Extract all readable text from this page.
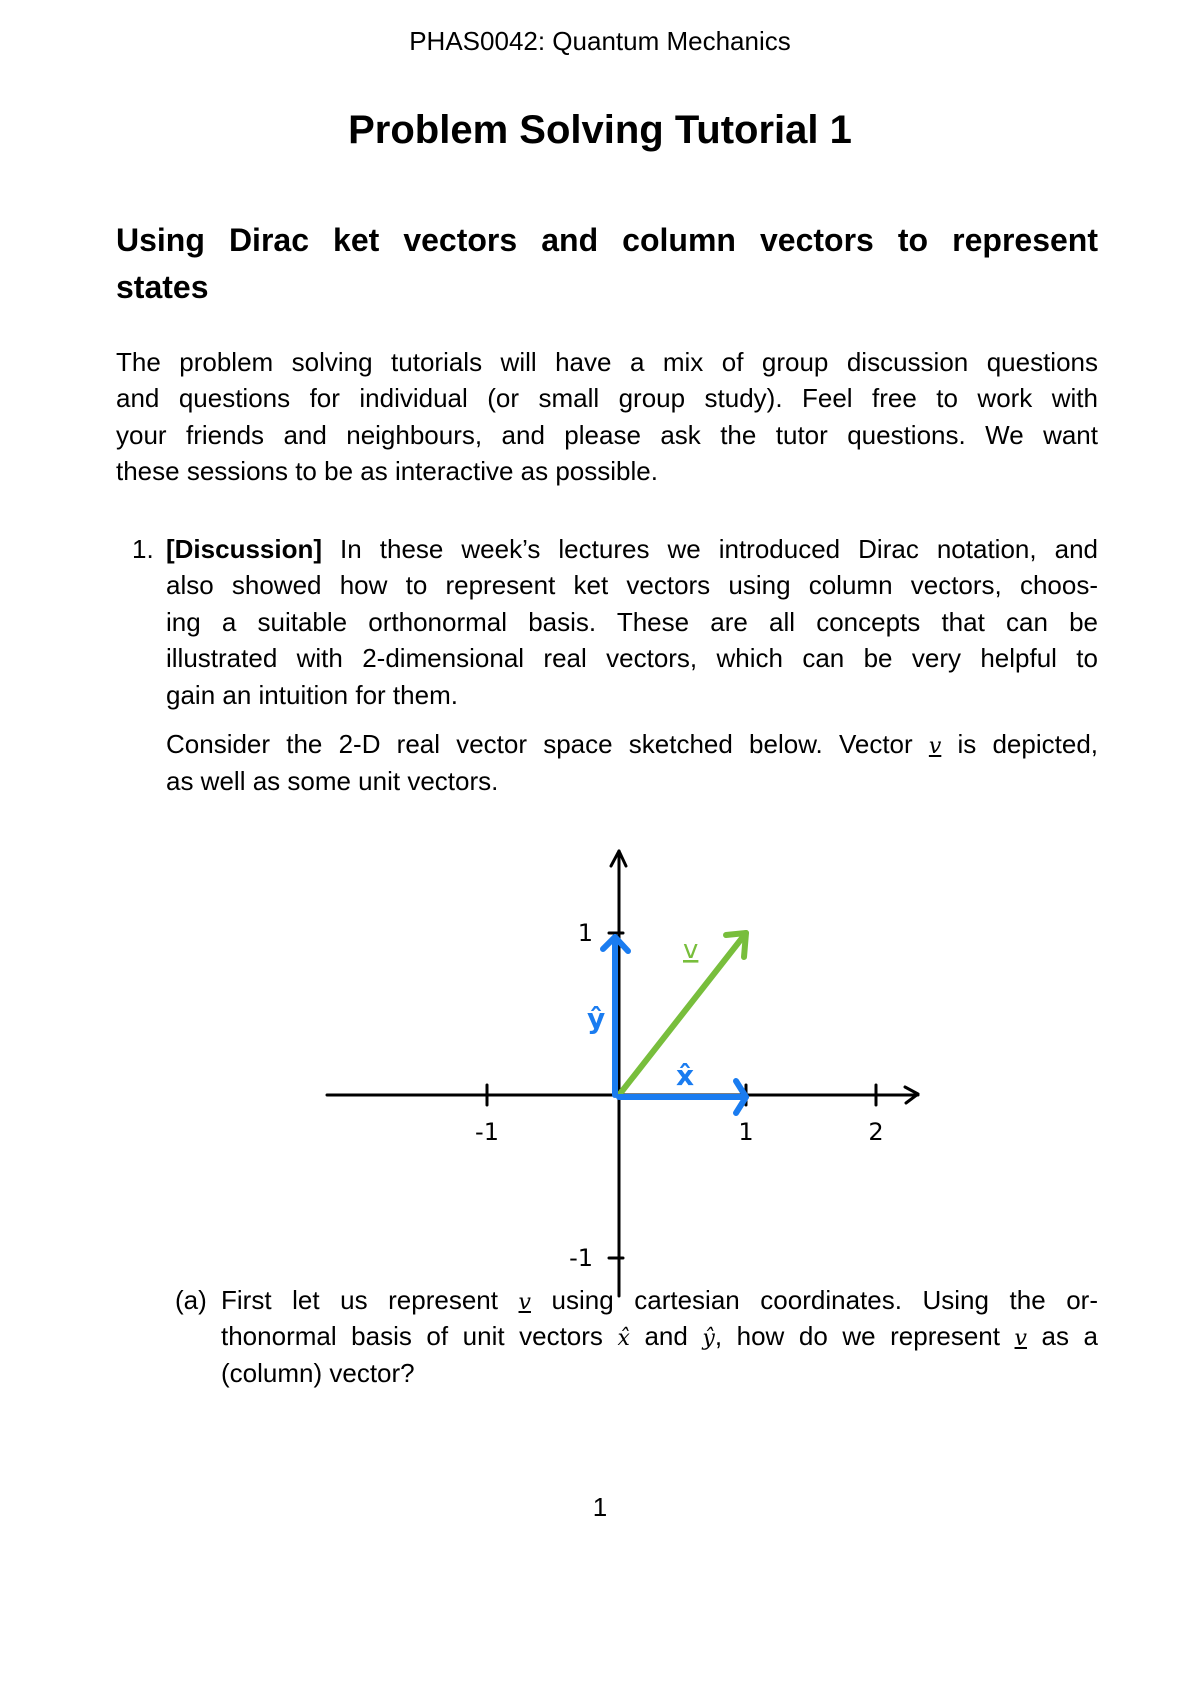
PHAS0042: Quantum Mechanics
Problem Solving Tutorial 1
Using Dirac ket vectors and column vectors to represent
states
The problem solving tutorials will have a mix of group discussion questions
and questions for individual (or small group study). Feel free to work with
your friends and neighbours, and please ask the tutor questions. We want
these sessions to be as interactive as possible.
1. [Discussion] In these week’s lectures we introduced Dirac notation, and
also showed how to represent ket vectors using column vectors, choos-
ing a suitable orthonormal basis. These are all concepts that can be
illustrated with 2-dimensional real vectors, which can be very helpful to
gain an intuition for them.
Consider the 2-D real vector space sketched below. Vector v is depicted,
as well as some unit vectors.
-1	1	2
1
-1
v
x̂
ŷ
(a) First let us represent v using cartesian coordinates. Using the or-
thonormal basis of unit vectors x̂ and ŷ, how do we represent v as a
(column) vector?
1
